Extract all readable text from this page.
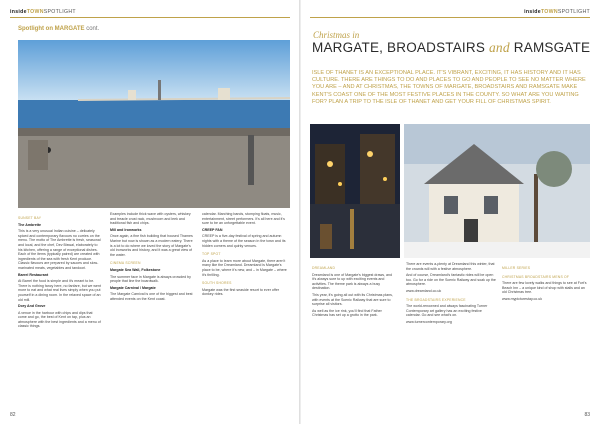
insideTOWNSPOTLIGHT
Spotlight on MARGATE cont.

SUNSET BAY

The Ambrette

This is a very unusual Indian cuisine – delicately spiced and contemporary flavours no curries on the menu. The motto of The Ambrette is fresh, seasonal and local, and the chef, Dev Biswal, elaborately to his kitchen, offering a range of exceptional dishes. Each of the items (typically paired) are created with ingredients of the sea with fresh Kent produce. Classic flavours are prepared by sauces and slow-marinated meats, vegetables and tandoori.

Barrel Restaurant

At Barrel the food is simple and it's meant to be. There is nothing fancy here, no fanfare, but we went more to eat and what real lives simply when you put yourself in a dining room. In the relaxed space of an old mill.

Dory And Grove

A venue in the harbour with chips and dips that come and go, the best of Kent on tap, plus an atmosphere with the best ingredients and a menu of classic things.

Examples include thick wave with oysters, whiskey and treacle crust rack, mushroom and leek and traditional fish and chips.

Mill and Ironworks

Once again, a fine fish building that housed Thames Marine but now is shown as a modern eatery. There is a lot to do where we loved the story of Margate's old ironworks and history, and it was a great view of the water.

CINEMA SCREEN

Margate Sea Wall, Folkestone

The summer face in Margate is always crowded by people that line the boardwalk.

Margate Carnival / Margate

The Margate Carnival is one of the biggest and best attended events on the Kent coast.

calendar. Marching bands, stomping floats, music, entertainment, street performers. It's all here and it's sure to be an unforgettable event.

CREEP FAN

CREEP is a five-day festival of spring and autumn nights with a theme of the season in the town and its hidden corners and quirky venues.

TOP SPOT

As a place to learn more about Margate, there aren't many like the Dreamland. Dreamland is Margate's place to be, where it's new, and – in Margate – where it's thrilling.

SOUTH SHORES

Margate was the first seaside resort to ever offer donkey rides.

82
insideTOWNSPOTLIGHT
Christmas in
MARGATE, BROADSTAIRS and RAMSGATE
ISLE OF THANET IS AN EXCEPTIONAL PLACE. IT'S VIBRANT, EXCITING, IT HAS HISTORY AND IT HAS CULTURE. THERE ARE THINGS TO DO AND PLACES TO GO AND PEOPLE TO SEE NO MATTER WHERE YOU ARE – AND AT CHRISTMAS, THE TOWNS OF MARGATE, BROADSTAIRS AND RAMSGATE MAKE KENT'S COAST ONE OF THE MOST FESTIVE PLACES IN THE COUNTY. SO WHAT ARE YOU WAITING FOR? PLAN A TRIP TO THE ISLE OF THANET AND GET YOUR FILL OF CHRISTMAS SPIRIT.

DREAMLAND

Dreamland is one of Margate's biggest draws, and it's always sure to up with exciting events and activities. The theme park is always a busy destination.

This year, it's going all out with its Christmas plans, with events at the Scenic Railway that are sure to surprise all visitors.

As well as the ice rink, you'll find that Father Christmas has set up a grotto in the park.

There are events a-plenty at Dreamland this winter, that the crowds will with a festive atmosphere.

And of course, Dreamland's fantastic rides will be open too. Go for a ride on the Scenic Railway and soak up the atmosphere.

www.dreamland.co.uk

THE BROADSTAIRS EXPERIENCE

The world-renowned and always fascinating Turner Contemporary art gallery has an exciting festive calendar. Go and see what's on.

www.turnercontemporary.org

MILLER SERIES

CHRISTMAS BROADSTAIRS MENS OF

There are few lovely walks and things to see at Fort's Beach Inn – a unique kind of shop with stalls and an old Christmas tree.

www.mypicturestay.co.uk

83
